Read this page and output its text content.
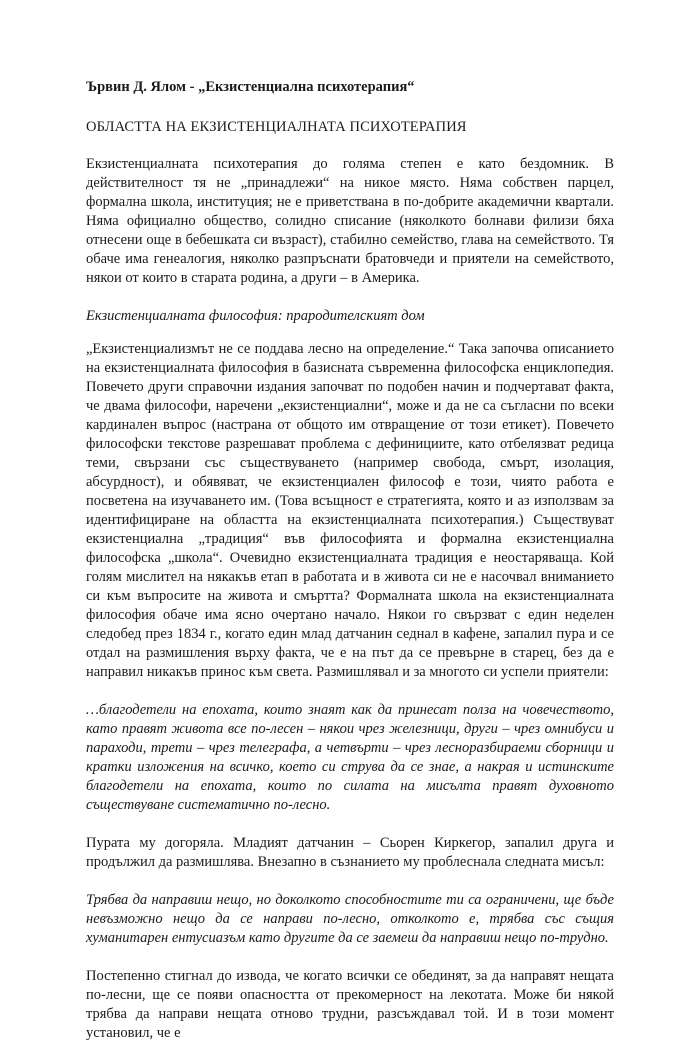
Ървин Д. Ялом - „Екзистенциална психотерапия“

ОБЛАСТТА НА ЕКЗИСТЕНЦИАЛНАТА ПСИХОТЕРАПИЯ

Екзистенциалната психотерапия до голяма степен е като бездомник. В действителност тя не „принадлежи“ на никое място. Няма собствен парцел, формална школа, институция; не е приветствана в по-добрите академични квартали. Няма официално общество, солидно списание (няколкото болнави филизи бяха отнесени още в бебешката си възраст), стабилно семейство, глава на семейството. Тя обаче има генеалогия, няколко разпръснати братовчеди и приятели на семейството, някои от които в старата родина, а други – в Америка.

Екзистенциалната философия: прародителският дом

„Екзистенциализмът не се поддава лесно на определение.“ Така започва описанието на екзистенциалната философия в базисната съвременна философска енциклопедия. Повечето други справочни издания започват по подобен начин и подчертават факта, че двама философи, наречени „екзистенциални“, може и да не са съгласни по всеки кардинален въпрос (настрана от общото им отвращение от този етикет). Повечето философски текстове разрешават проблема с дефинициите, като отбелязват редица теми, свързани със съществуването (например свобода, смърт, изолация, абсурдност), и обявяват, че екзистенциален философ е този, чиято работа е посветена на изучаването им. (Това всъщност е стратегията, която и аз използвам за идентифициране на областта на екзистенциалната психотерапия.) Съществуват екзистенциална „традиция“ във философията и формална екзистенциална философска „школа“. Очевидно екзистенциалната традиция е неостаряваща. Кой голям мислител на някакъв етап в работата и в живота си не е насочвал вниманието си към въпросите на живота и смъртта? Формалната школа на екзистенциалната философия обаче има ясно очертано начало. Някои го свързват с един неделен следобед през 1834 г., когато един млад датчанин седнал в кафене, запалил пура и се отдал на размишления върху факта, че е на път да се превърне в старец, без да е направил никакъв принос към света. Размишлявал и за многото си успели приятели:

…благодетели на епохата, които знаят как да принесат полза на човечеството, като правят живота все по-лесен – някои чрез железници, други – чрез омнибуси и параходи, трети – чрез телеграфа, а четвърти – чрез лесноразбираеми сборници и кратки изложения на всичко, което си струва да се знае, а накрая и истинските благодетели на епохата, които по силата на мисълта правят духовното съществуване систематично по-лесно.

Пурата му догоряла. Младият датчанин – Сьорен Киркегор, запалил друга и продължил да размишлява. Внезапно в съзнанието му проблеснала следната мисъл:

Трябва да направиш нещо, но доколкото способностите ти са ограничени, ще бъде невъзможно нещо да се направи по-лесно, отколкото е, трябва със същия хуманитарен ентусиазъм като другите да се заемеш да направиш нещо по-трудно.

Постепенно стигнал до извода, че когато всички се обединят, за да направят нещата по-лесни, ще се появи опасността от прекомерност на лекотата. Може би някой трябва да направи нещата отново трудни, разсъждавал той. И в този момент установил, че е
